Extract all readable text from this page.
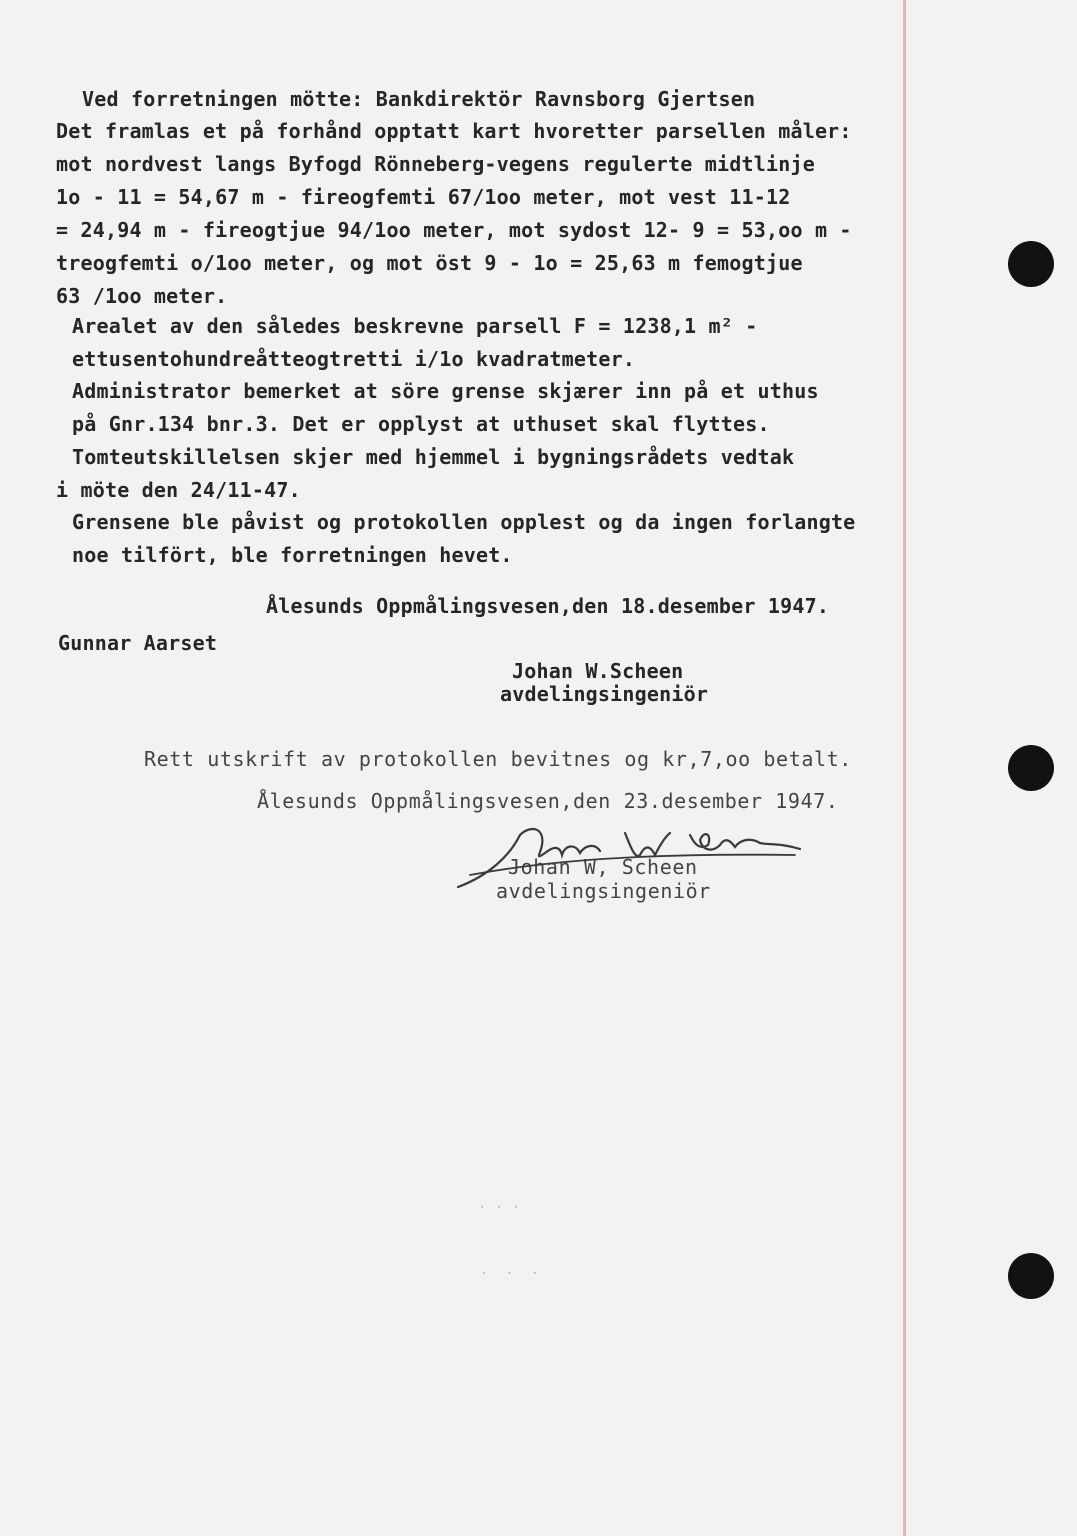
Ved forretningen mötte: Bankdirektör Ravnsborg Gjertsen
Det framlas et på forhånd opptatt kart hvoretter parsellen måler:
mot nordvest langs Byfogd Rönneberg-vegens regulerte midtlinje
1o - 11 = 54,67 m - fireogfemti 67/1oo meter, mot vest 11-12
= 24,94 m - fireogtjue 94/1oo meter, mot sydost 12- 9 = 53,oo m -
treogfemti o/1oo meter, og mot öst 9 - 1o = 25,63 m femogtjue
63 /1oo meter.
Arealet av den således beskrevne parsell F = 1238,1 m² -
ettusentohundreåtteogtretti i/1o kvadratmeter.
Administrator bemerket at söre grense skjærer inn på et uthus
på Gnr.134 bnr.3. Det er opplyst at uthuset skal flyttes.
Tomteutskillelsen skjer med hjemmel i bygningsrådets vedtak
i möte den 24/11-47.
Grensene ble påvist og protokollen opplest og da ingen forlangte
noe tilfört, ble forretningen hevet.
Ålesunds Oppmålingsvesen,den 18.desember 1947.
Gunnar Aarset
Johan W.Scheen
avdelingsingeniör
Rett utskrift av protokollen bevitnes og kr,7,oo betalt.
Ålesunds Oppmålingsvesen,den 23.desember 1947.
Johan W, Scheen
avdelingsingeniör
· · ·
·  ·  ·
